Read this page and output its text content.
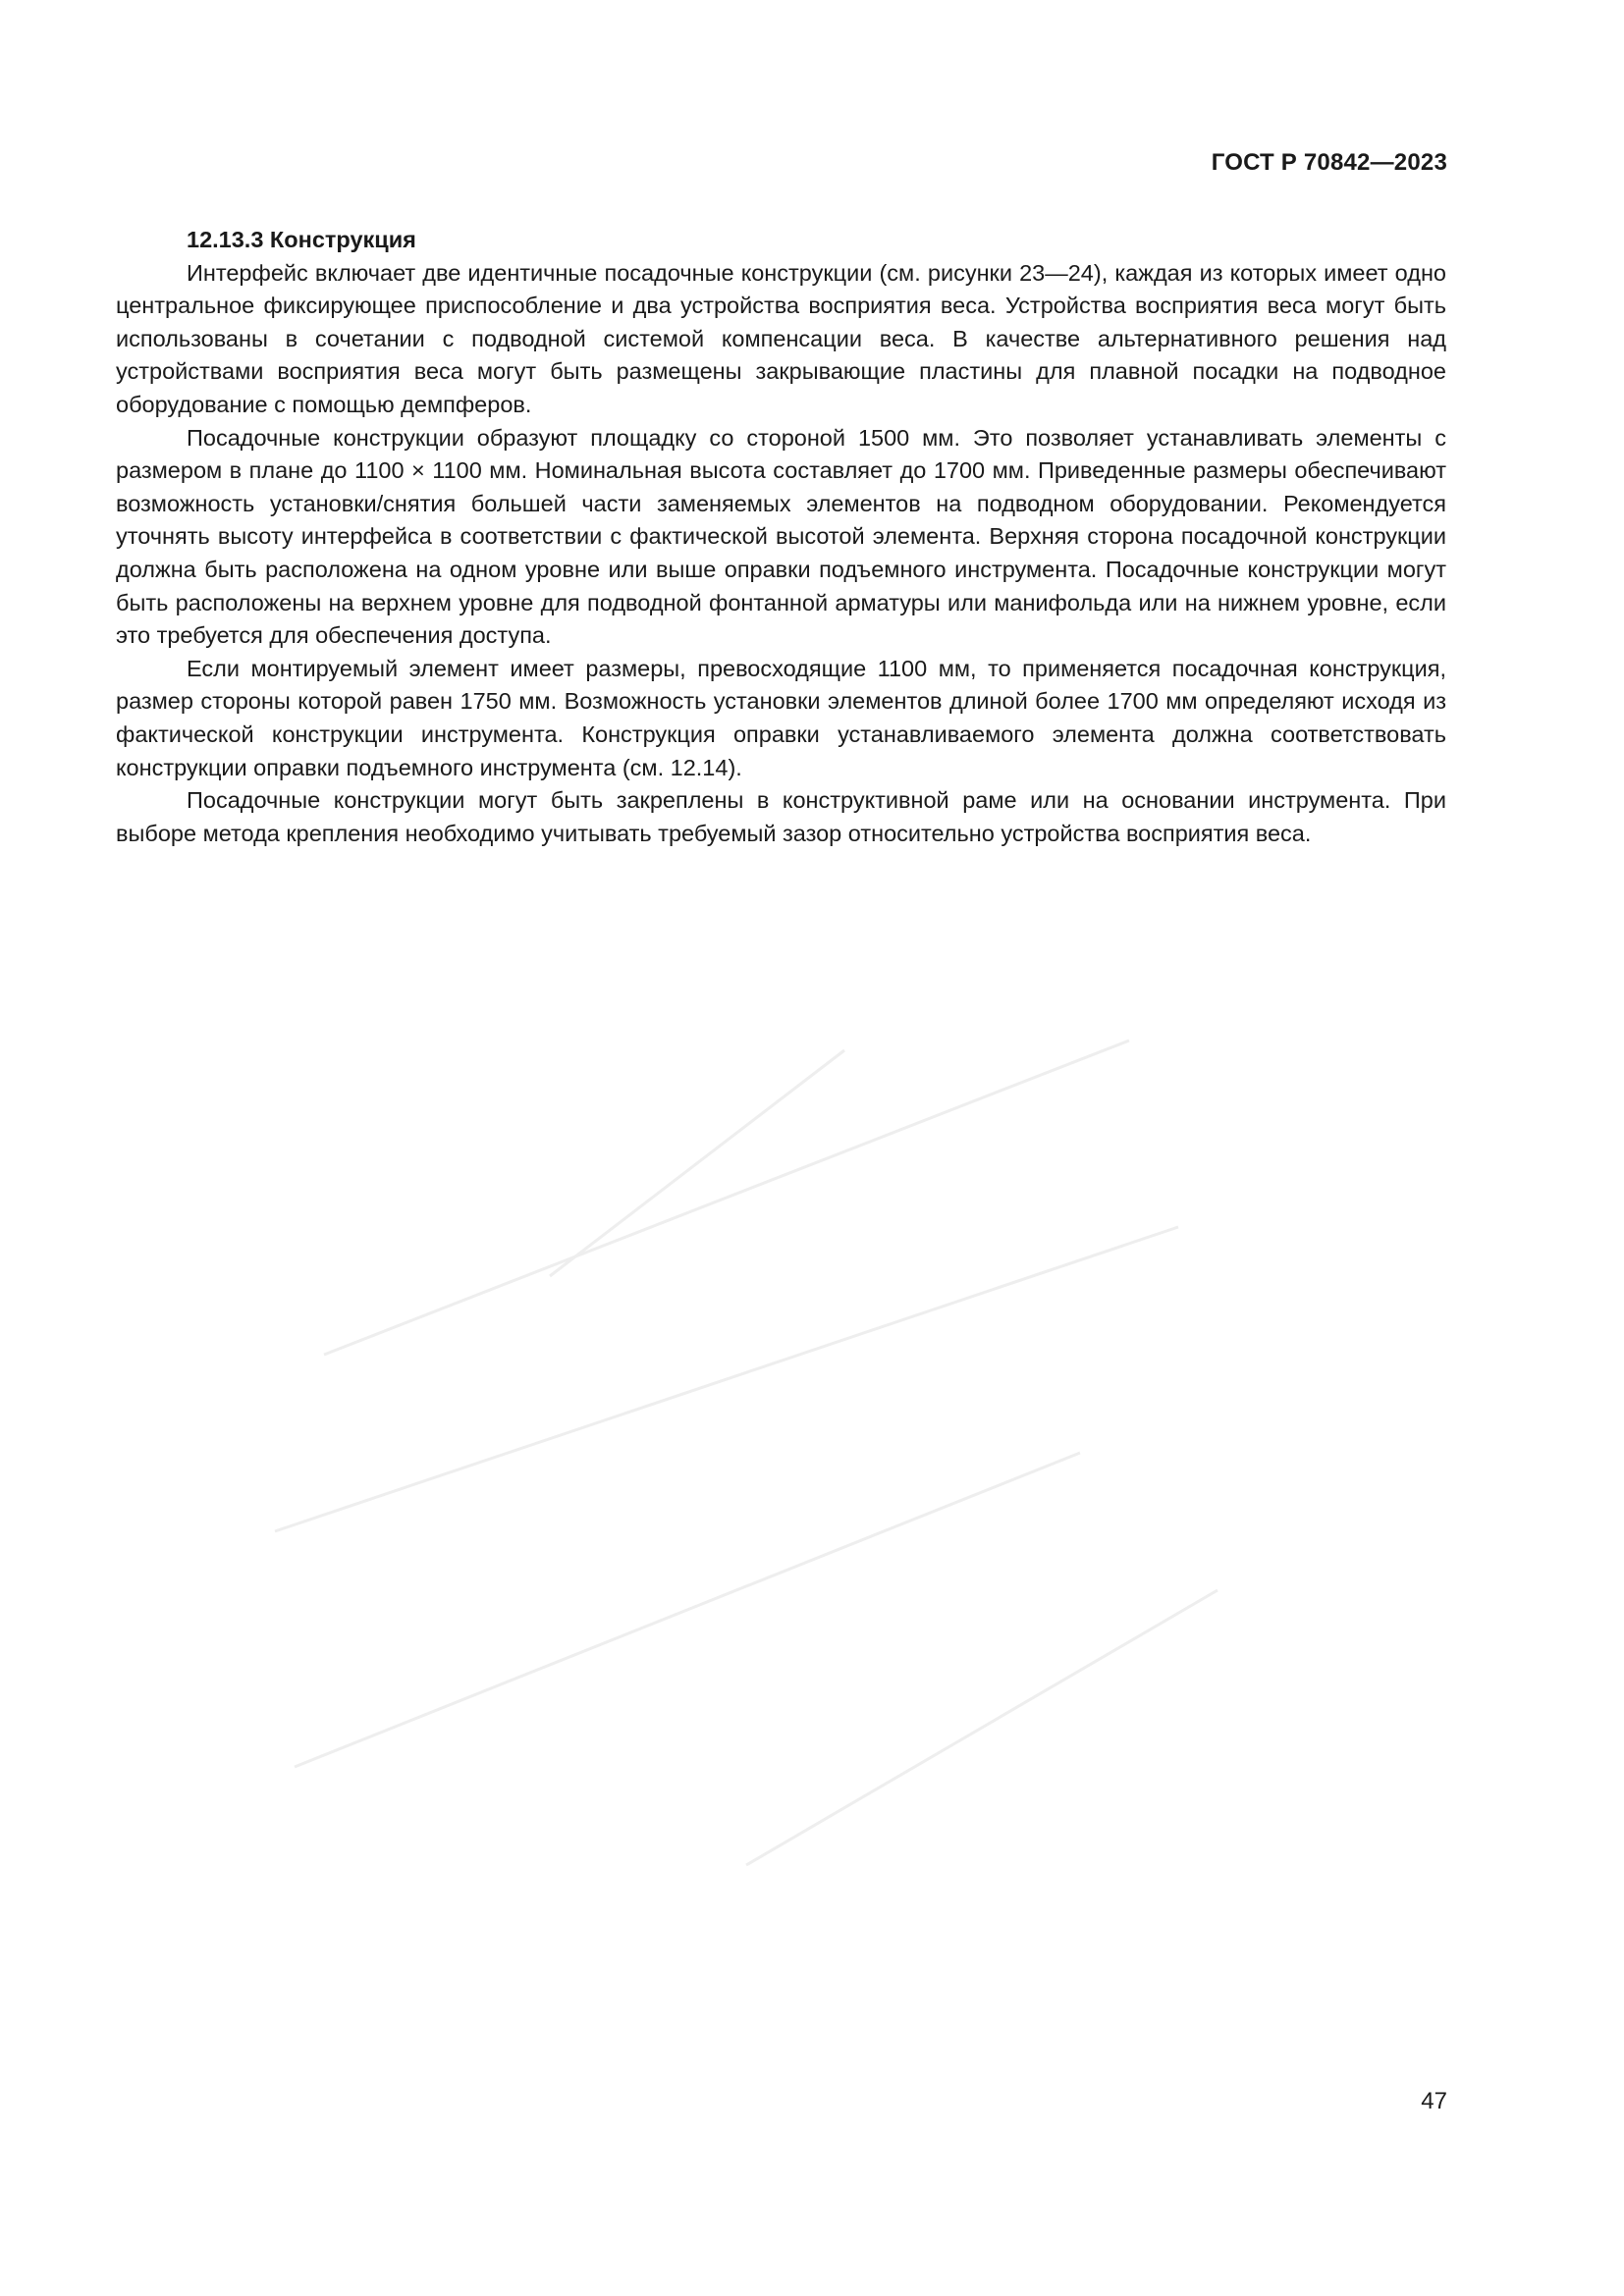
ГОСТ Р 70842—2023

12.13.3 Конструкция

Интерфейс включает две идентичные посадочные конструкции (см. рисунки 23—24), каждая из которых имеет одно центральное фиксирующее приспособление и два устройства восприятия веса. Устройства восприятия веса могут быть использованы в сочетании с подводной системой компенсации веса. В качестве альтернативного решения над устройствами восприятия веса могут быть размещены закрывающие пластины для плавной посадки на подводное оборудование с помощью демпферов.

Посадочные конструкции образуют площадку со стороной 1500 мм. Это позволяет устанавливать элементы с размером в плане до 1100 × 1100 мм. Номинальная высота составляет до 1700 мм. Приведенные размеры обеспечивают возможность установки/снятия большей части заменяемых элементов на подводном оборудовании. Рекомендуется уточнять высоту интерфейса в соответствии с фактической высотой элемента. Верхняя сторона посадочной конструкции должна быть расположена на одном уровне или выше оправки подъемного инструмента. Посадочные конструкции могут быть расположены на верхнем уровне для подводной фонтанной арматуры или манифольда или на нижнем уровне, если это требуется для обеспечения доступа.

Если монтируемый элемент имеет размеры, превосходящие 1100 мм, то применяется посадочная конструкция, размер стороны которой равен 1750 мм. Возможность установки элементов длиной более 1700 мм определяют исходя из фактической конструкции инструмента. Конструкция оправки устанавливаемого элемента должна соответствовать конструкции оправки подъемного инструмента (см. 12.14).

Посадочные конструкции могут быть закреплены в конструктивной раме или на основании инструмента. При выборе метода крепления необходимо учитывать требуемый зазор относительно устройства восприятия веса.

47
